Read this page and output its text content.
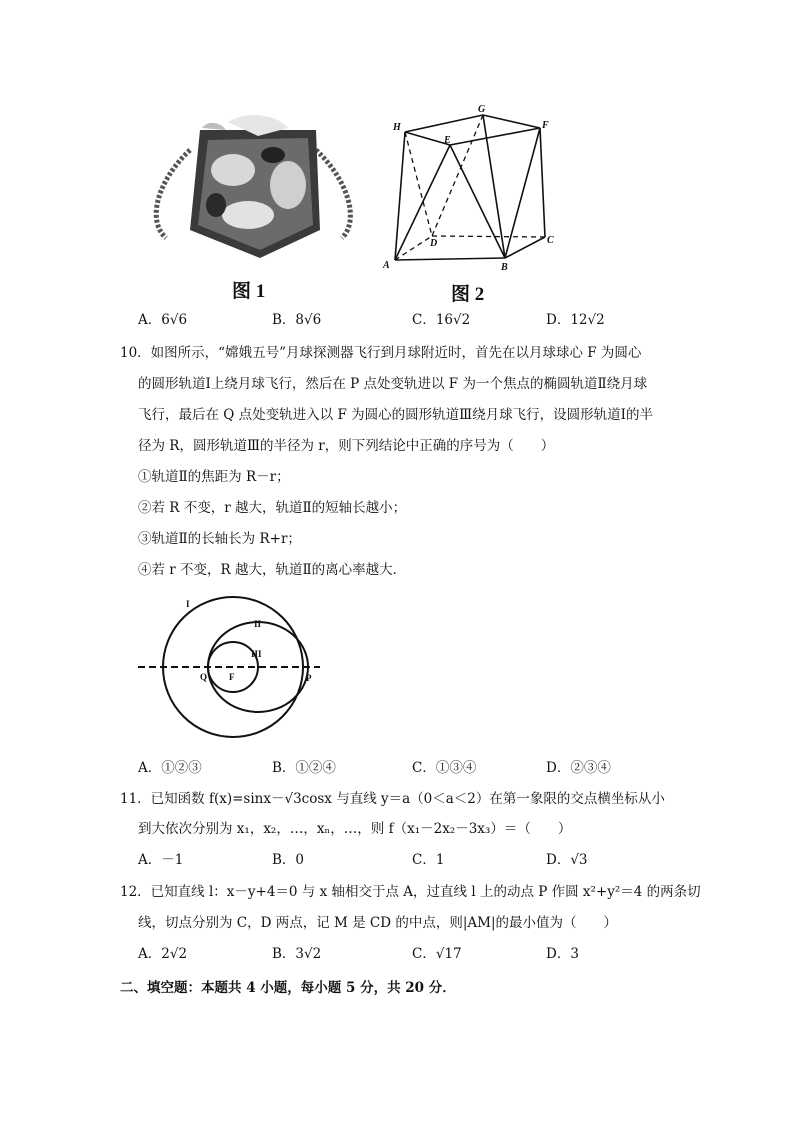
H
E
G
F
D	C
A	B
图 1	图 2
A．6√6	B．8√6	C．16√2	D．12√2
10．如图所示，“嫦娥五号”月球探测器飞行到月球附近时，首先在以月球球心 F 为圆心
的圆形轨道Ⅰ上绕月球飞行，然后在 P 点处变轨进以 F 为一个焦点的椭圆轨道Ⅱ绕月球
飞行，最后在 Q 点处变轨进入以 F 为圆心的圆形轨道Ⅲ绕月球飞行，设圆形轨道Ⅰ的半
径为 R，圆形轨道Ⅲ的半径为 r，则下列结论中正确的序号为（　　）
①轨道Ⅱ的焦距为 R－r；
②若 R 不变，r 越大，轨道Ⅱ的短轴长越小；
③轨道Ⅱ的长轴长为 R+r；
④若 r 不变，R 越大，轨道Ⅱ的离心率越大．
I
II
III
Q F	P
A．①②③	B．①②④	C．①③④	D．②③④
11．已知函数 f(x)=sinx－√3cosx 与直线 y＝a（0＜a＜2）在第一象限的交点横坐标从小
到大依次分别为 x₁，x₂，…，xₙ，…，则 f（x₁－2x₂－3x₃）＝（　　）
A．－1	B．0	C．1	D．√3
12．已知直线 l：x－y+4＝0 与 x 轴相交于点 A，过直线 l 上的动点 P 作圆 x²+y²＝4 的两条切
线，切点分别为 C，D 两点，记 M 是 CD 的中点，则|AM|的最小值为（　　）
A．2√2	B．3√2	C．√17	D．3
二、填空题：本题共 4 小题，每小题 5 分，共 20 分．
